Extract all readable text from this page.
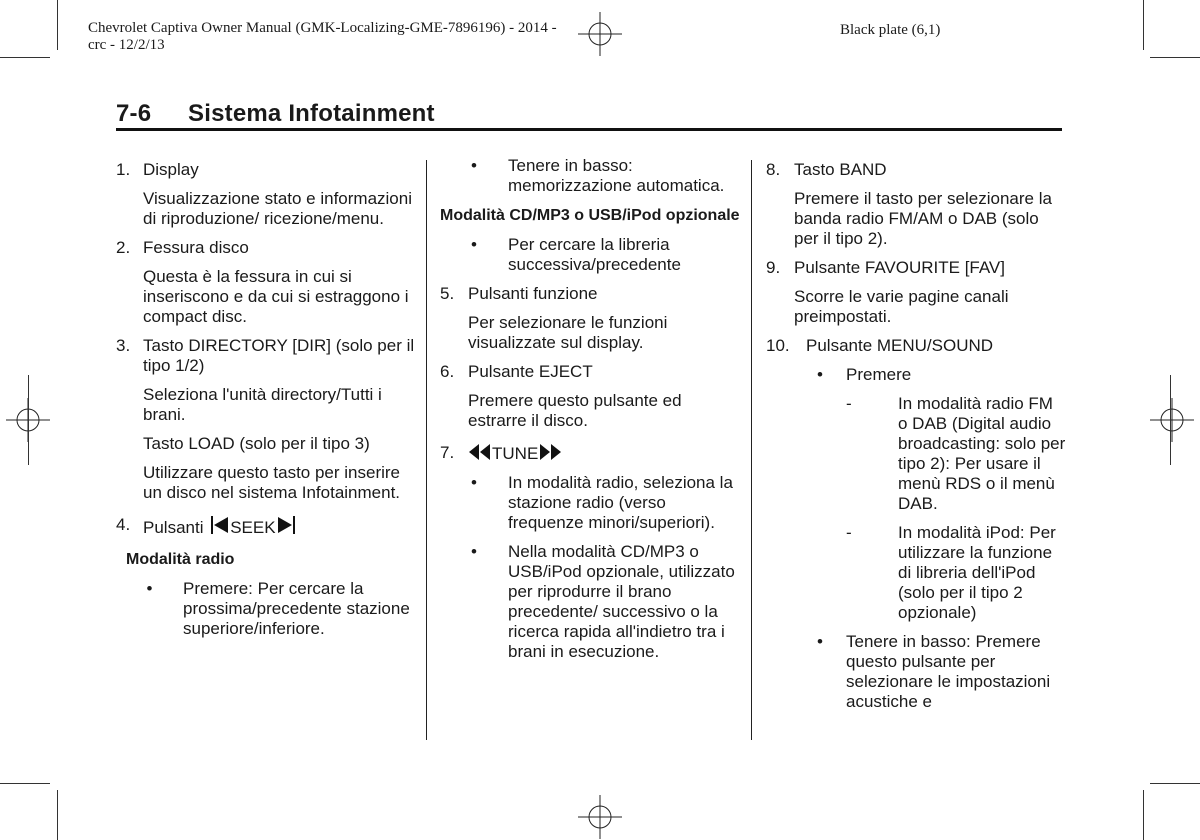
Chevrolet Captiva Owner Manual (GMK-Localizing-GME-7896196) - 2014 -
crc - 12/2/13
Black plate (6,1)
7-6 Sistema Infotainment
1. Display

Visualizzazione stato e informazioni di riproduzione/ ricezione/menu.

2. Fessura disco

Questa è la fessura in cui si inseriscono e da cui si estraggono i compact disc.

3. Tasto DIRECTORY [DIR] (solo per il tipo 1/2)

Seleziona l'unità directory/Tutti i brani.

Tasto LOAD (solo per il tipo 3)

Utilizzare questo tasto per inserire un disco nel sistema Infotainment.

4. Pulsanti SEEK
Modalità radio
•	Premere: Per cercare la prossima/precedente stazione superiore/inferiore.
•	Tenere in basso: memorizzazione automatica.
Modalità CD/MP3 o USB/iPod opzionale
•	Per cercare la libreria successiva/precedente
5. Pulsanti funzione

Per selezionare le funzioni visualizzate sul display.

6. Pulsante EJECT

Premere questo pulsante ed estrarre il disco.

7.	TUNE
•	In modalità radio, seleziona la stazione radio (verso frequenze minori/superiori).
•	Nella modalità CD/MP3 o USB/iPod opzionale, utilizzato per riprodurre il brano precedente/ successivo o la ricerca rapida all'indietro tra i brani in esecuzione.
8. Tasto BAND

Premere il tasto per selezionare la banda radio FM/AM o DAB (solo per il tipo 2).

9. Pulsante FAVOURITE [FAV]

Scorre le varie pagine canali preimpostati.

10. Pulsante MENU/SOUND
•	Premere
-	In modalità radio FM o DAB (Digital audio broadcasting: solo per tipo 2): Per usare il menù RDS o il menù DAB.
-	In modalità iPod: Per utilizzare la funzione di libreria dell'iPod (solo per il tipo 2 opzionale)
•	Tenere in basso: Premere questo pulsante per selezionare le impostazioni acustiche e
